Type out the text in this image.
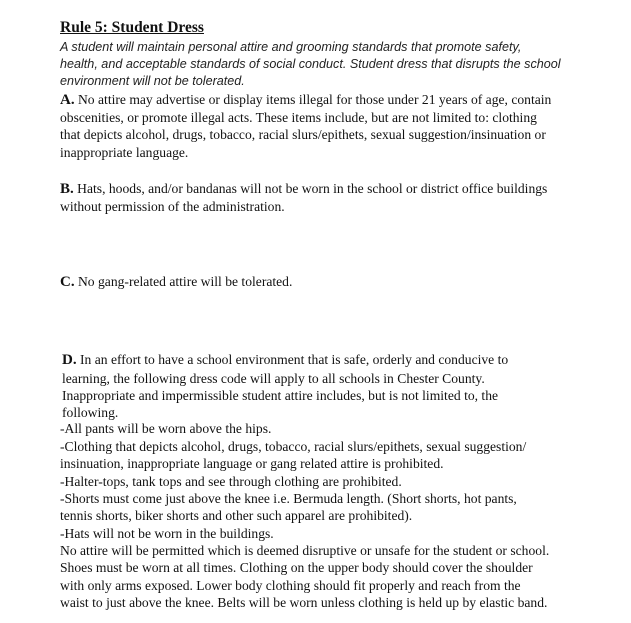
Rule 5: Student Dress
A student will maintain personal attire and grooming standards that promote safety,
health, and acceptable standards of social conduct. Student dress that disrupts the school
environment will not be tolerated.
A. No attire may advertise or display items illegal for those under 21 years of age, contain
obscenities, or promote illegal acts. These items include, but are not limited to: clothing
that depicts alcohol, drugs, tobacco, racial slurs/epithets, sexual suggestion/insinuation or
inappropriate language.
B. Hats, hoods, and/or bandanas will not be worn in the school or district office buildings
without permission of the administration.
C. No gang-related attire will be tolerated.
D. In an effort to have a school environment that is safe, orderly and conducive to
learning, the following dress code will apply to all schools in Chester County.
Inappropriate and impermissible student attire includes, but is not limited to, the
following.
-All pants will be worn above the hips.
-Clothing that depicts alcohol, drugs, tobacco, racial slurs/epithets, sexual suggestion/
insinuation, inappropriate language or gang related attire is prohibited.
-Halter-tops, tank tops and see through clothing are prohibited.
-Shorts must come just above the knee i.e. Bermuda length. (Short shorts, hot pants,
tennis shorts, biker shorts and other such apparel are prohibited).
-Hats will not be worn in the buildings.
No attire will be permitted which is deemed disruptive or unsafe for the student or school.
Shoes must be worn at all times. Clothing on the upper body should cover the shoulder
with only arms exposed. Lower body clothing should fit properly and reach from the
waist to just above the knee. Belts will be worn unless clothing is held up by elastic band.
